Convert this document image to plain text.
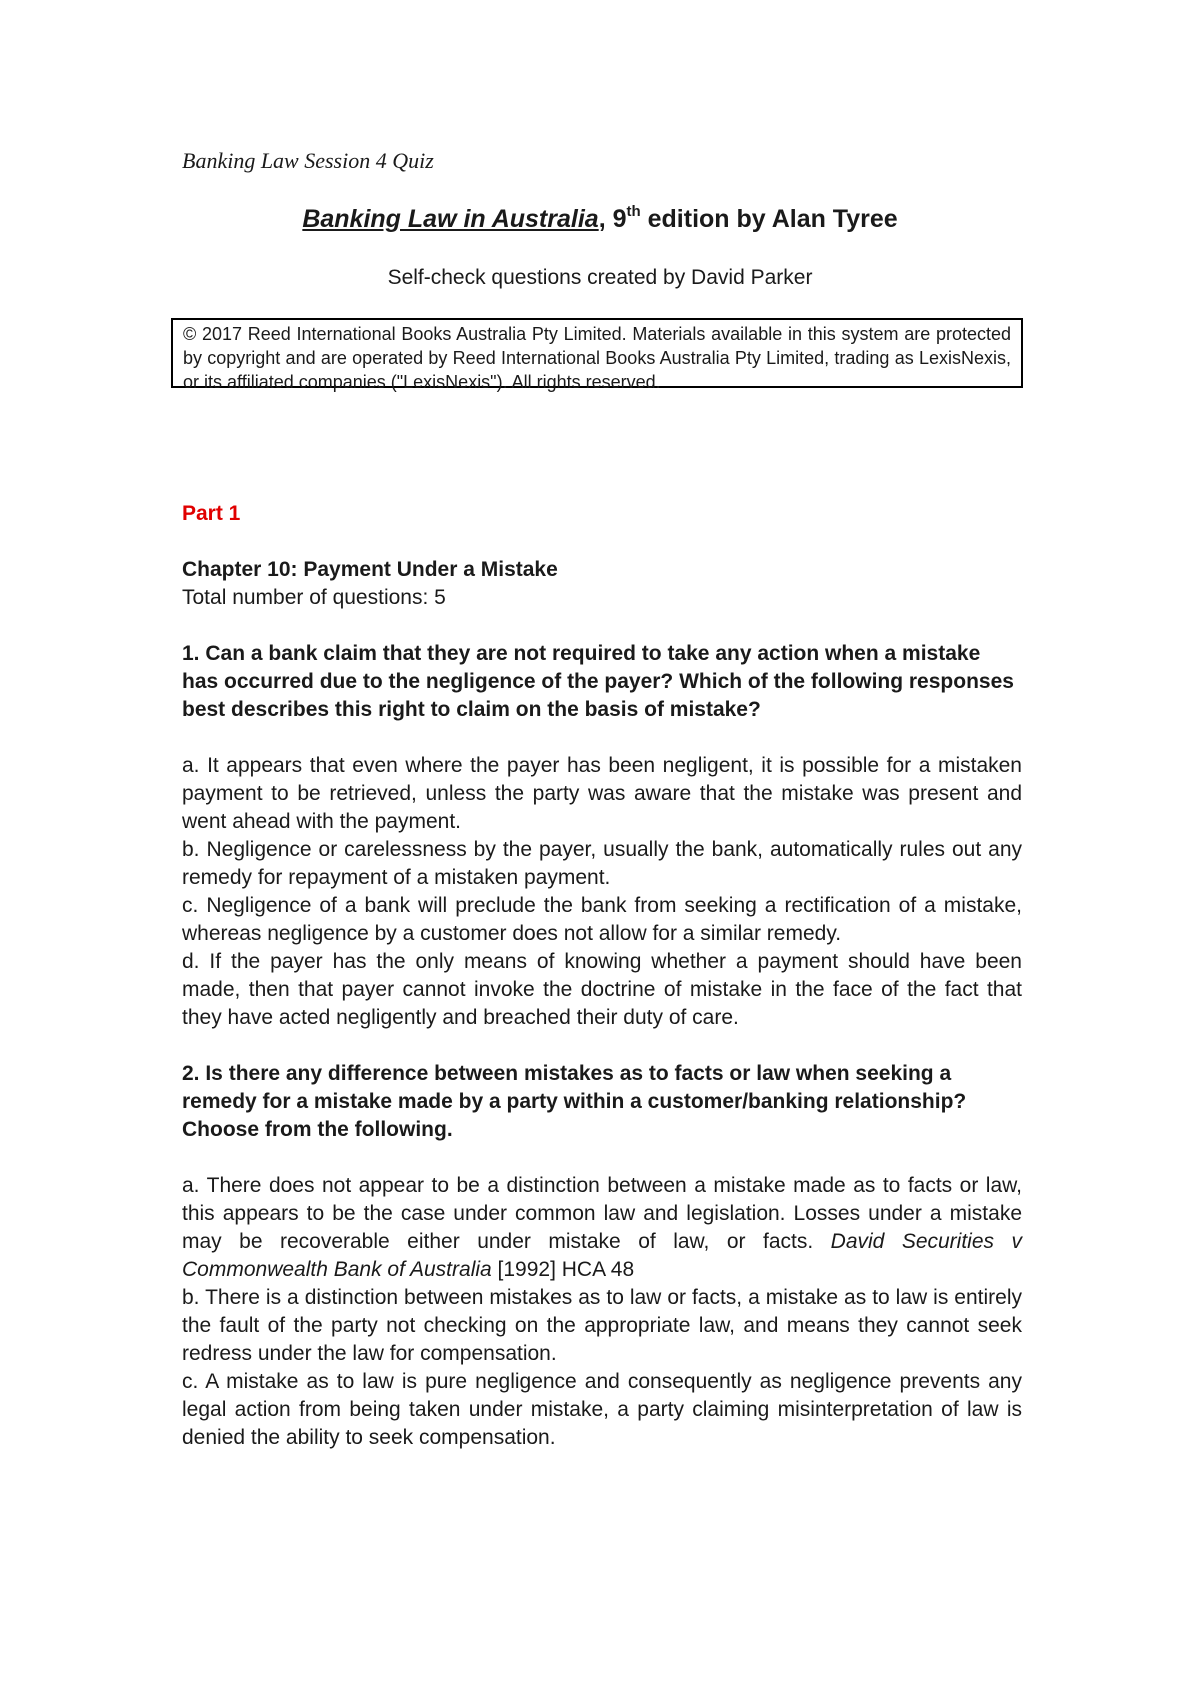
Banking Law Session 4 Quiz
Banking Law in Australia, 9th edition by Alan Tyree
Self-check questions created by David Parker
© 2017 Reed International Books Australia Pty Limited. Materials available in this system are protected by copyright and are operated by Reed International Books Australia Pty Limited, trading as LexisNexis, or its affiliated companies ("LexisNexis"). All rights reserved.

Part 1

Chapter 10: Payment Under a Mistake

Total number of questions: 5

1. Can a bank claim that they are not required to take any action when a mistake has occurred due to the negligence of the payer? Which of the following responses best describes this right to claim on the basis of mistake?

a. It appears that even where the payer has been negligent, it is possible for a mistaken payment to be retrieved, unless the party was aware that the mistake was present and went ahead with the payment.

b. Negligence or carelessness by the payer, usually the bank, automatically rules out any remedy for repayment of a mistaken payment.

c. Negligence of a bank will preclude the bank from seeking a rectification of a mistake, whereas negligence by a customer does not allow for a similar remedy.

d. If the payer has the only means of knowing whether a payment should have been made, then that payer cannot invoke the doctrine of mistake in the face of the fact that they have acted negligently and breached their duty of care.

2. Is there any difference between mistakes as to facts or law when seeking a remedy for a mistake made by a party within a customer/banking relationship? Choose from the following.

a. There does not appear to be a distinction between a mistake made as to facts or law, this appears to be the case under common law and legislation. Losses under a mistake may be recoverable either under mistake of law, or facts. David Securities v Commonwealth Bank of Australia [1992] HCA 48

b. There is a distinction between mistakes as to law or facts, a mistake as to law is entirely the fault of the party not checking on the appropriate law, and means they cannot seek redress under the law for compensation.

c. A mistake as to law is pure negligence and consequently as negligence prevents any legal action from being taken under mistake, a party claiming misinterpretation of law is denied the ability to seek compensation.
